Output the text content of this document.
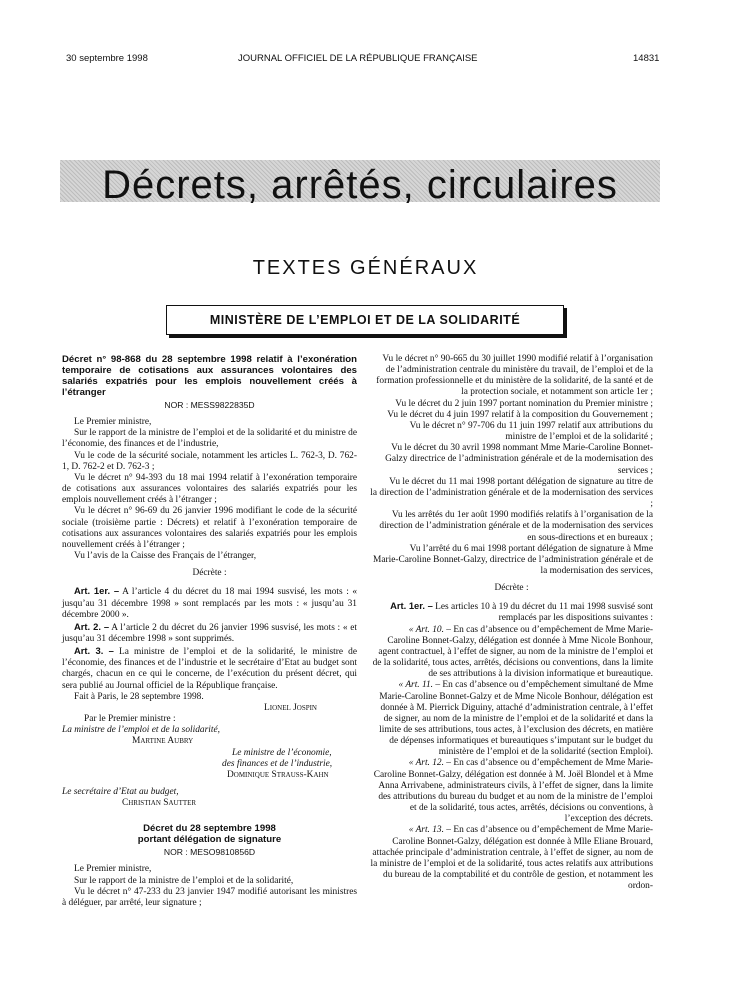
30 septembre 1998	JOURNAL OFFICIEL DE LA RÉPUBLIQUE FRANÇAISE	14831
Décrets, arrêtés, circulaires
TEXTES GÉNÉRAUX
MINISTÈRE DE L’EMPLOI ET DE LA SOLIDARITÉ

Décret n° 98-868 du 28 septembre 1998 relatif à l’exonération temporaire de cotisations aux assurances volontaires des salariés expatriés pour les emplois nouvellement créés à l’étranger

NOR : MESS9822835D

Le Premier ministre,

Sur le rapport de la ministre de l’emploi et de la solidarité et du ministre de l’économie, des finances et de l’industrie,

Vu le code de la sécurité sociale, notamment les articles L. 762-3, D. 762-1, D. 762-2 et D. 762-3 ;

Vu le décret n° 94-393 du 18 mai 1994 relatif à l’exonération temporaire de cotisations aux assurances volontaires des salariés expatriés pour les emplois nouvellement créés à l’étranger ;

Vu le décret n° 96-69 du 26 janvier 1996 modifiant le code de la sécurité sociale (troisième partie : Décrets) et relatif à l’exonération temporaire de cotisations aux assurances volontaires des salariés expatriés pour les emplois nouvellement créés à l’étranger ;

Vu l’avis de la Caisse des Français de l’étranger,

Décrète :

Art. 1er. – A l’article 4 du décret du 18 mai 1994 susvisé, les mots : « jusqu’au 31 décembre 1998 » sont remplacés par les mots : « jusqu’au 31 décembre 2000 ».

Art. 2. – A l’article 2 du décret du 26 janvier 1996 susvisé, les mots : « et jusqu’au 31 décembre 1998 » sont supprimés.

Art. 3. – La ministre de l’emploi et de la solidarité, le ministre de l’économie, des finances et de l’industrie et le secrétaire d’Etat au budget sont chargés, chacun en ce qui le concerne, de l’exécution du présent décret, qui sera publié au Journal officiel de la République française.

Fait à Paris, le 28 septembre 1998.

Lionel Jospin

Par le Premier ministre :

La ministre de l’emploi et de la solidarité,

Martine Aubry

Le ministre de l’économie,

des finances et de l’industrie,

Dominique Strauss-Kahn

Le secrétaire d’Etat au budget,

Christian Sautter

Décret du 28 septembre 1998

portant délégation de signature

NOR : MESO9810856D

Le Premier ministre,

Sur le rapport de la ministre de l’emploi et de la solidarité,

Vu le décret n° 47-233 du 23 janvier 1947 modifié autorisant les ministres à déléguer, par arrêté, leur signature ;

Vu le décret n° 90-665 du 30 juillet 1990 modifié relatif à l’organisation de l’administration centrale du ministère du travail, de l’emploi et de la formation professionnelle et du ministère de la solidarité, de la santé et de la protection sociale, et notamment son article 1er ;

Vu le décret du 2 juin 1997 portant nomination du Premier ministre ;

Vu le décret du 4 juin 1997 relatif à la composition du Gouvernement ;

Vu le décret n° 97-706 du 11 juin 1997 relatif aux attributions du ministre de l’emploi et de la solidarité ;

Vu le décret du 30 avril 1998 nommant Mme Marie-Caroline Bonnet-Galzy directrice de l’administration générale et de la modernisation des services ;

Vu le décret du 11 mai 1998 portant délégation de signature au titre de la direction de l’administration générale et de la modernisation des services ;

Vu les arrêtés du 1er août 1990 modifiés relatifs à l’organisation de la direction de l’administration générale et de la modernisation des services en sous-directions et en bureaux ;

Vu l’arrêté du 6 mai 1998 portant délégation de signature à Mme Marie-Caroline Bonnet-Galzy, directrice de l’administration générale et de la modernisation des services,

Décrète :

Art. 1er. – Les articles 10 à 19 du décret du 11 mai 1998 susvisé sont remplacés par les dispositions suivantes :

« Art. 10. – En cas d’absence ou d’empêchement de Mme Marie-Caroline Bonnet-Galzy, délégation est donnée à Mme Nicole Bonhour, agent contractuel, à l’effet de signer, au nom de la ministre de l’emploi et de la solidarité, tous actes, arrêtés, décisions ou conventions, dans la limite de ses attributions à la division informatique et bureautique.

« Art. 11. – En cas d’absence ou d’empêchement simultané de Mme Marie-Caroline Bonnet-Galzy et de Mme Nicole Bonhour, délégation est donnée à M. Pierrick Diguiny, attaché d’administration centrale, à l’effet de signer, au nom de la ministre de l’emploi et de la solidarité et dans la limite de ses attributions, tous actes, à l’exclusion des décrets, en matière de dépenses informatiques et bureautiques s’imputant sur le budget du ministère de l’emploi et de la solidarité (section Emploi).

« Art. 12. – En cas d’absence ou d’empêchement de Mme Marie-Caroline Bonnet-Galzy, délégation est donnée à M. Joël Blondel et à Mme Anna Arrivabene, administrateurs civils, à l’effet de signer, dans la limite des attributions du bureau du budget et au nom de la ministre de l’emploi et de la solidarité, tous actes, arrêtés, décisions ou conventions, à l’exception des décrets.

« Art. 13. – En cas d’absence ou d’empêchement de Mme Marie-Caroline Bonnet-Galzy, délégation est donnée à Mlle Eliane Brouard, attachée principale d’administration centrale, à l’effet de signer, au nom de la ministre de l’emploi et de la solidarité, tous actes relatifs aux attributions du bureau de la comptabilité et du contrôle de gestion, et notamment les ordon-
